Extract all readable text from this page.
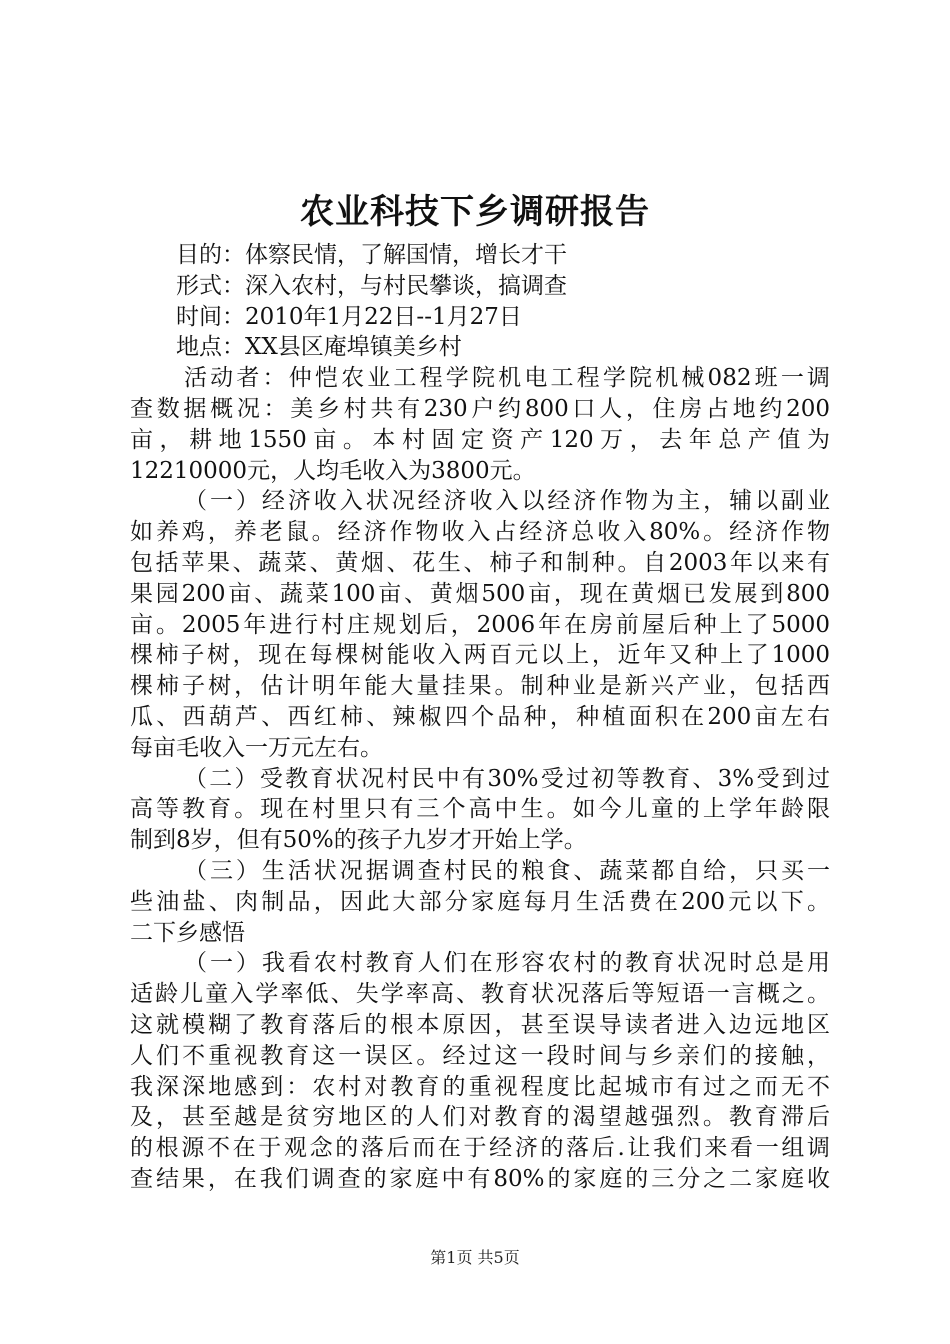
农业科技下乡调研报告
目的：体察民情，了解国情，增长才干
形式：深入农村，与村民攀谈，搞调查
时间：2010年1月22日--1月27日
地点：XX县区庵埠镇美乡村
活动者：仲恺农业工程学院机电工程学院机械082班一调
查数据概况：美乡村共有230户约800口人，住房占地约200
亩，耕地1550亩。本村固定资产120万，去年总产值为
12210000元，人均毛收入为3800元。
（一）经济收入状况经济收入以经济作物为主，辅以副业
如养鸡，养老鼠。经济作物收入占经济总收入80%。经济作物
包括苹果、蔬菜、黄烟、花生、柿子和制种。自2003年以来有
果园200亩、蔬菜100亩、黄烟500亩，现在黄烟已发展到800
亩。2005年进行村庄规划后，2006年在房前屋后种上了5000
棵柿子树，现在每棵树能收入两百元以上，近年又种上了1000
棵柿子树，估计明年能大量挂果。制种业是新兴产业，包括西
瓜、西葫芦、西红柿、辣椒四个品种，种植面积在200亩左右
每亩毛收入一万元左右。
（二）受教育状况村民中有30%受过初等教育、3%受到过
高等教育。现在村里只有三个高中生。如今儿童的上学年龄限
制到8岁，但有50%的孩子九岁才开始上学。
（三）生活状况据调查村民的粮食、蔬菜都自给，只买一
些油盐、肉制品，因此大部分家庭每月生活费在200元以下。
二下乡感悟
（一）我看农村教育人们在形容农村的教育状况时总是用
适龄儿童入学率低、失学率高、教育状况落后等短语一言概之。
这就模糊了教育落后的根本原因，甚至误导读者进入边远地区
人们不重视教育这一误区。经过这一段时间与乡亲们的接触，
我深深地感到：农村对教育的重视程度比起城市有过之而无不
及，甚至越是贫穷地区的人们对教育的渴望越强烈。教育滞后
的根源不在于观念的落后而在于经济的落后.让我们来看一组调
查结果，在我们调查的家庭中有80%的家庭的三分之二家庭收
第1页 共5页
